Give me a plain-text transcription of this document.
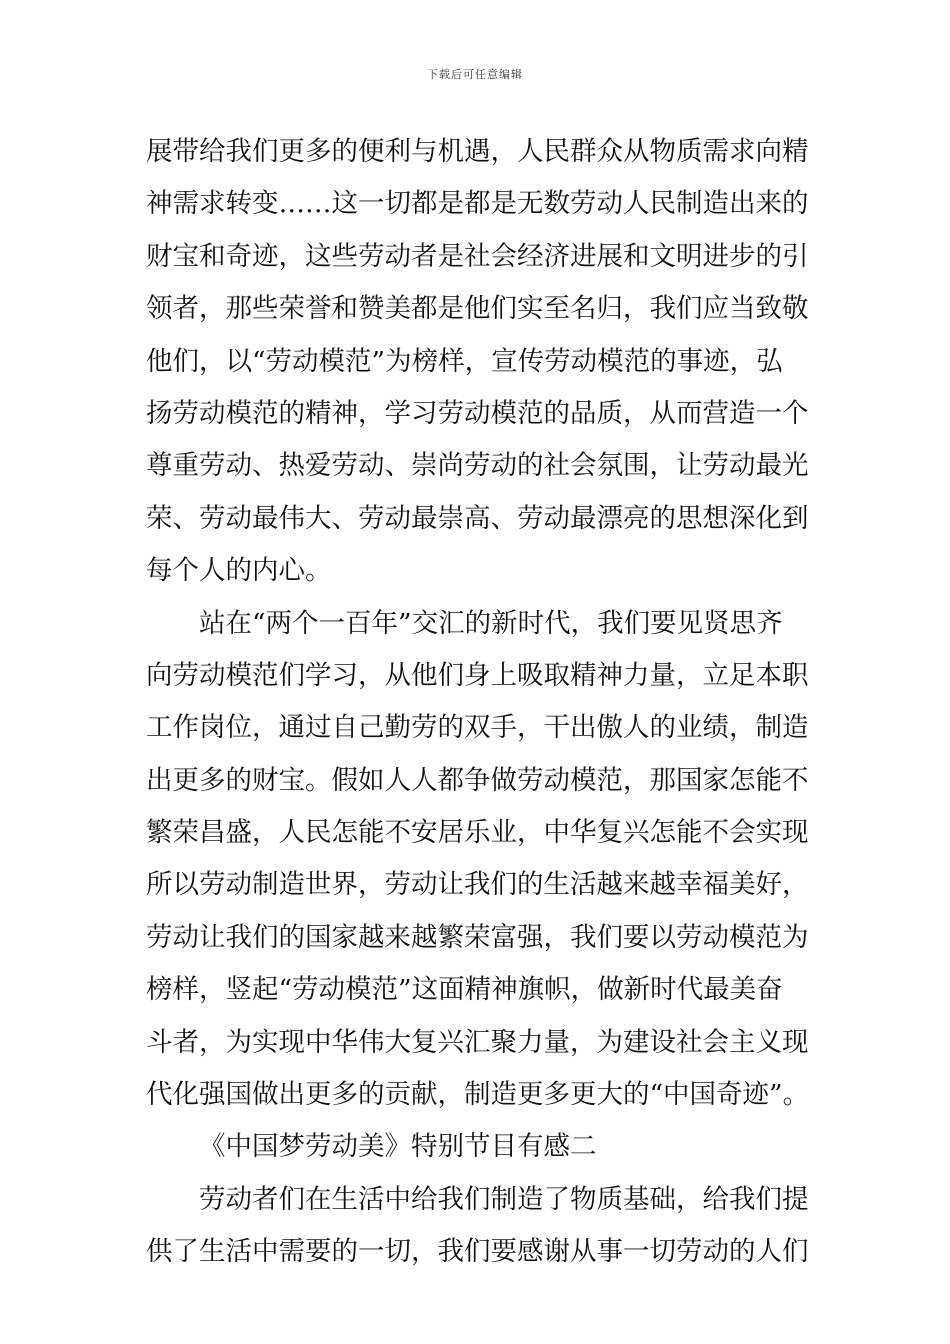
下载后可任意编辑
展带给我们更多的便利与机遇，人民群众从物质需求向精
神需求转变……这一切都是都是无数劳动人民制造出来的
财宝和奇迹，这些劳动者是社会经济进展和文明进步的引
领者，那些荣誉和赞美都是他们实至名归，我们应当致敬
他们，以“劳动模范”为榜样，宣传劳动模范的事迹，弘
扬劳动模范的精神，学习劳动模范的品质，从而营造一个
尊重劳动、热爱劳动、崇尚劳动的社会氛围，让劳动最光
荣、劳动最伟大、劳动最崇高、劳动最漂亮的思想深化到
每个人的内心。
站在“两个一百年”交汇的新时代，我们要见贤思齐
向劳动模范们学习，从他们身上吸取精神力量，立足本职
工作岗位，通过自己勤劳的双手，干出傲人的业绩，制造
出更多的财宝。假如人人都争做劳动模范，那国家怎能不
繁荣昌盛，人民怎能不安居乐业，中华复兴怎能不会实现
所以劳动制造世界，劳动让我们的生活越来越幸福美好，
劳动让我们的国家越来越繁荣富强，我们要以劳动模范为
榜样，竖起“劳动模范”这面精神旗帜，做新时代最美奋
斗者，为实现中华伟大复兴汇聚力量，为建设社会主义现
代化强国做出更多的贡献，制造更多更大的“中国奇迹”。
《中国梦劳动美》特别节目有感二
劳动者们在生活中给我们制造了物质基础，给我们提
供了生活中需要的一切，我们要感谢从事一切劳动的人们
